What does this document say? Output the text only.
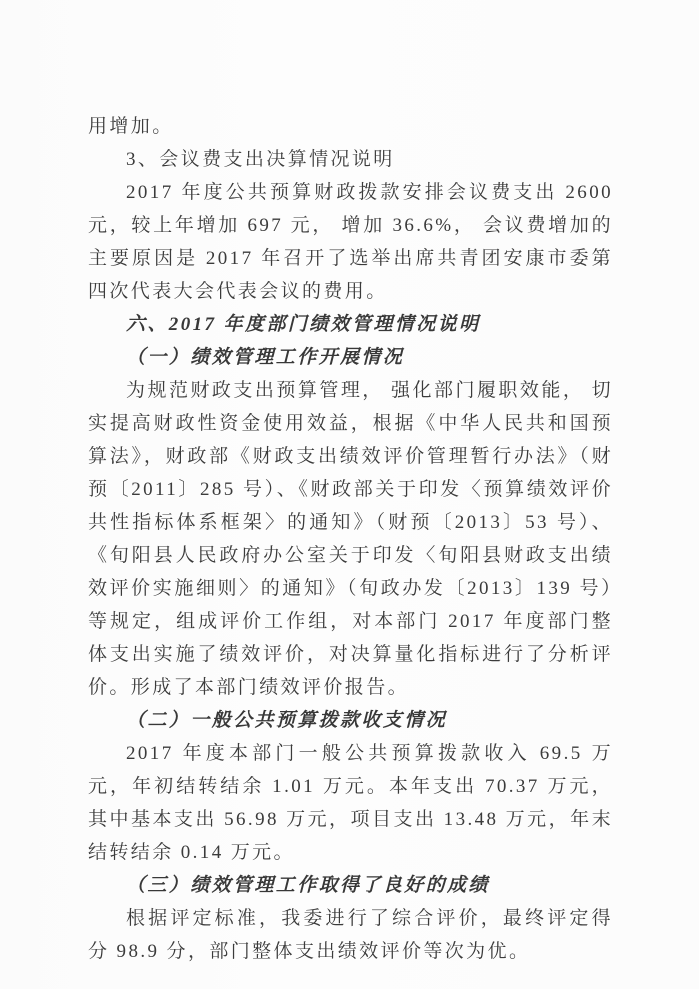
用增加。

3、会议费支出决算情况说明

2017 年度公共预算财政拨款安排会议费支出 2600 元，较上年增加 697 元， 增加 36.6%， 会议费增加的主要原因是 2017 年召开了选举出席共青团安康市委第四次代表大会代表会议的费用。

六、2017 年度部门绩效管理情况说明

（一）绩效管理工作开展情况

为规范财政支出预算管理， 强化部门履职效能， 切实提高财政性资金使用效益，根据《中华人民共和国预算法》，财政部《财政支出绩效评价管理暂行办法》（财预〔2011〕285 号）、《财政部关于印发〈预算绩效评价共性指标体系框架〉的通知》（财预〔2013〕53 号）、《旬阳县人民政府办公室关于印发〈旬阳县财政支出绩效评价实施细则〉的通知》（旬政办发〔2013〕139 号）等规定，组成评价工作组，对本部门 2017 年度部门整体支出实施了绩效评价，对决算量化指标进行了分析评价。形成了本部门绩效评价报告。

（二）一般公共预算拨款收支情况

2017 年度本部门一般公共预算拨款收入 69.5 万元，年初结转结余 1.01 万元。本年支出 70.37 万元，其中基本支出 56.98 万元，项目支出 13.48 万元，年末结转结余 0.14 万元。

（三）绩效管理工作取得了良好的成绩

根据评定标准，我委进行了综合评价，最终评定得分 98.9 分，部门整体支出绩效评价等次为优。
